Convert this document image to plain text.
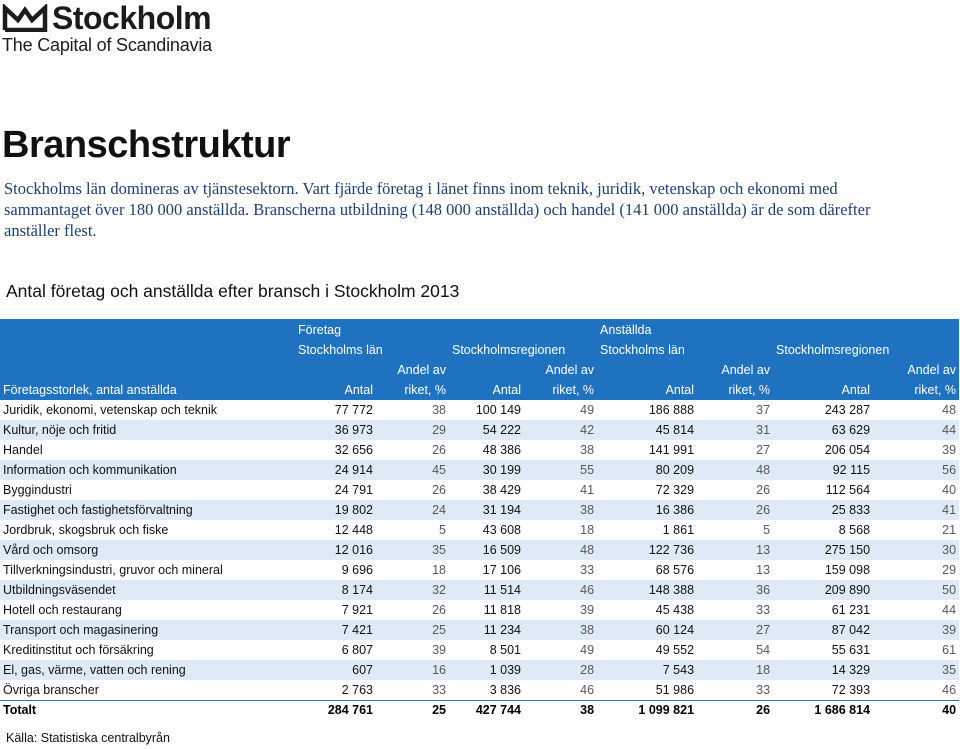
Stockholm
The Capital of Scandinavia
Branschstruktur

Stockholms län domineras av tjänstesektorn. Vart fjärde företag i länet finns inom teknik, juridik, vetenskap och ekonomi med sammantaget över 180 000 anställda. Branscherna utbildning (148 000 anställda) och handel (141 000 anställda) är de som därefter anställer flest.

Antal företag och anställda efter bransch i Stockholm 2013
	Företag				Anställda			
	Stockholms län		Stockholmsregionen		Stockholms län		Stockholmsregionen	
		Andel av		Andel av		Andel av		Andel av
Företagsstorlek, antal anställda	Antal	riket, %	Antal	riket, %	Antal	riket, %	Antal	riket, %
Juridik, ekonomi, vetenskap och teknik	77 772	38	100 149	49	186 888	37	243 287	48
Kultur, nöje och fritid	36 973	29	54 222	42	45 814	31	63 629	44
Handel	32 656	26	48 386	38	141 991	27	206 054	39
Information och kommunikation	24 914	45	30 199	55	80 209	48	92 115	56
Byggindustri	24 791	26	38 429	41	72 329	26	112 564	40
Fastighet och fastighetsförvaltning	19 802	24	31 194	38	16 386	26	25 833	41
Jordbruk, skogsbruk och fiske	12 448	5	43 608	18	1 861	5	8 568	21
Vård och omsorg	12 016	35	16 509	48	122 736	13	275 150	30
Tillverkningsindustri, gruvor och mineral	9 696	18	17 106	33	68 576	13	159 098	29
Utbildningsväsendet	8 174	32	11 514	46	148 388	36	209 890	50
Hotell och restaurang	7 921	26	11 818	39	45 438	33	61 231	44
Transport och magasinering	7 421	25	11 234	38	60 124	27	87 042	39
Kreditinstitut och försäkring	6 807	39	8 501	49	49 552	54	55 631	61
El, gas, värme, vatten och rening	607	16	1 039	28	7 543	18	14 329	35
Övriga branscher	2 763	33	3 836	46	51 986	33	72 393	46
Totalt	284 761	25	427 744	38	1 099 821	26	1 686 814	40
Källa: Statistiska centralbyrån
